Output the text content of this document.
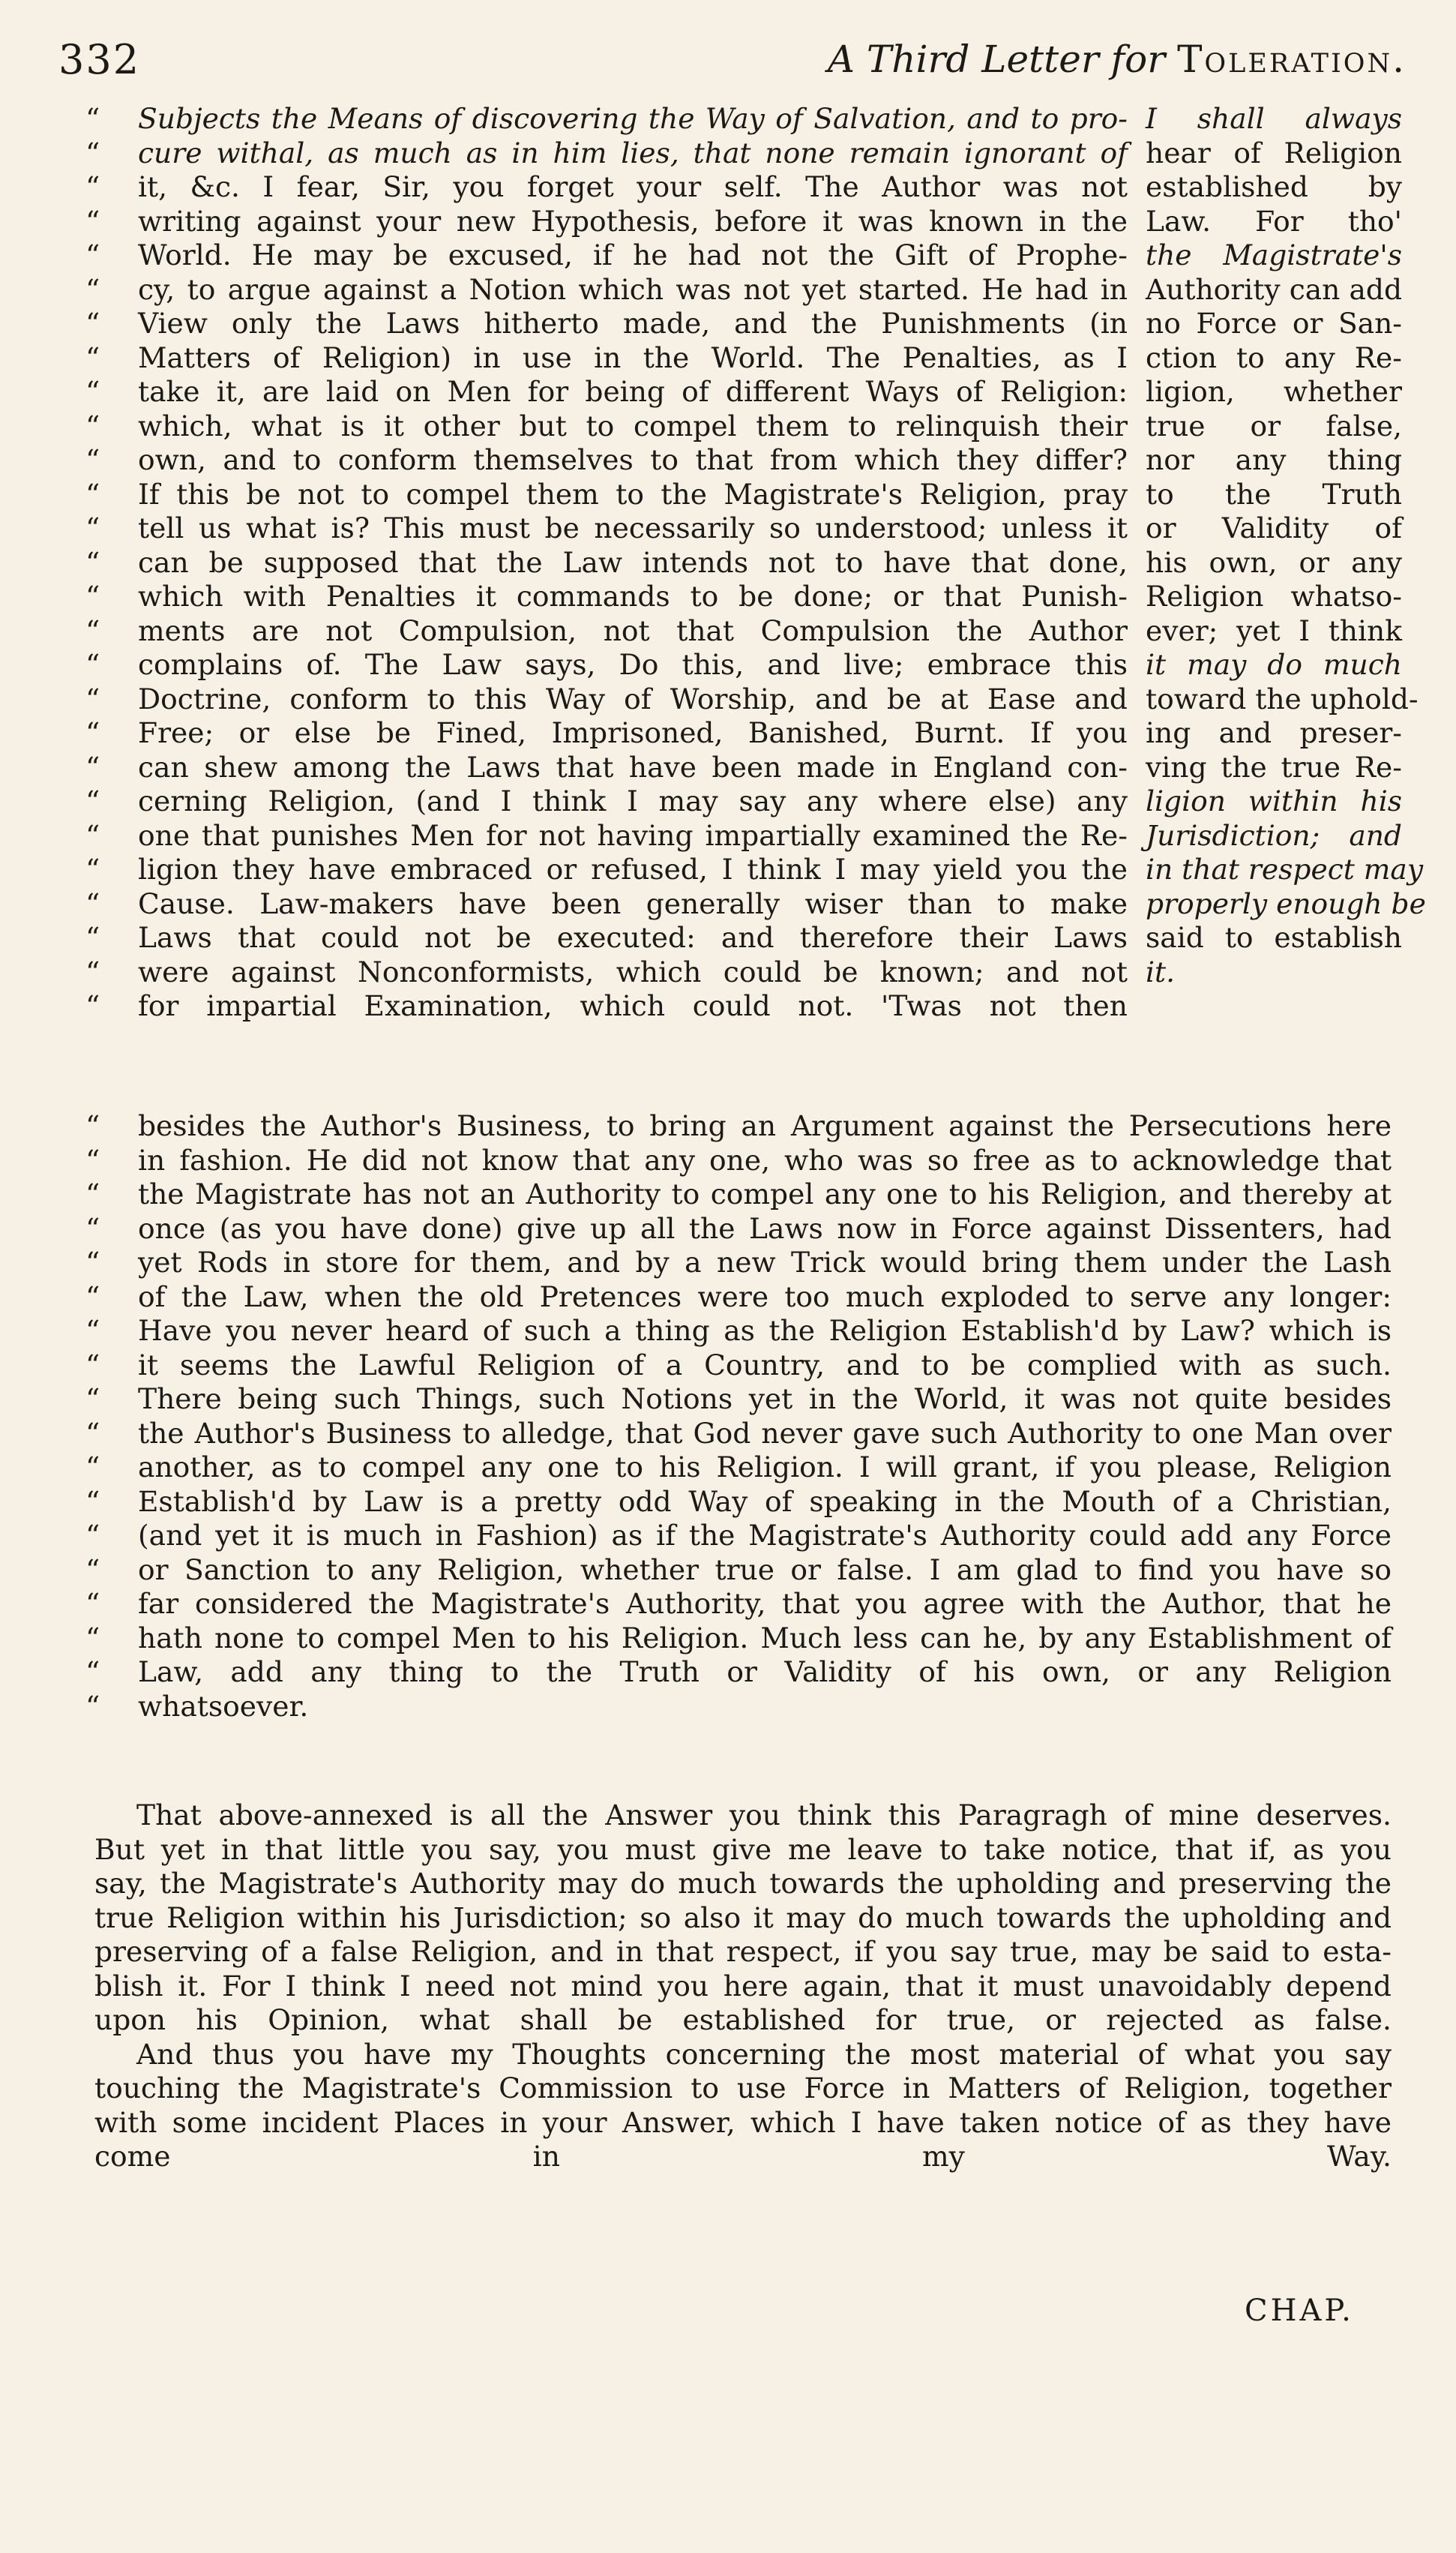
332	A Third Letter for Toleration.
“ Subjects the Means of discovering the Way of Salvation, and to pro-
“ cure withal, as much as in him lies, that none remain ignorant of
“ it, &c. I fear, Sir, you forget your self. The Author was not
“ writing against your new Hypothesis, before it was known in the
“ World. He may be excused, if he had not the Gift of Prophe-
“ cy, to argue against a Notion which was not yet started. He had in
“ View only the Laws hitherto made, and the Punishments (in
“ Matters of Religion) in use in the World. The Penalties, as I
“ take it, are laid on Men for being of different Ways of Religion:
“ which, what is it other but to compel them to relinquish their
“ own, and to conform themselves to that from which they differ?
“ If this be not to compel them to the Magistrate's Religion, pray
“ tell us what is? This must be necessarily so understood; unless it
“ can be supposed that the Law intends not to have that done,
“ which with Penalties it commands to be done; or that Punish-
“ ments are not Compulsion, not that Compulsion the Author
“ complains of. The Law says, Do this, and live; embrace this
“ Doctrine, conform to this Way of Worship, and be at Ease and
“ Free; or else be Fined, Imprisoned, Banished, Burnt. If you
“ can shew among the Laws that have been made in England con-
“ cerning Religion, (and I think I may say any where else) any
“ one that punishes Men for not having impartially examined the Re-
“ ligion they have embraced or refused, I think I may yield you the
“ Cause. Law-makers have been generally wiser than to make
“ Laws that could not be executed: and therefore their Laws
“ were against Nonconformists, which could be known; and not
“ for impartial Examination, which could not. 'Twas not then
I shall always
hear of Religion
established by
Law. For tho'
the Magistrate's
Authority can add
no Force or San-
ction to any Re-
ligion, whether
true or false,
nor any thing
to the Truth
or Validity of
his own, or any
Religion whatso-
ever; yet I think
it may do much
toward the uphold-
ing and preser-
ving the true Re-
ligion within his
Jurisdiction; and
in that respect may
properly enough be
said to establish
it.
“ besides the Author's Business, to bring an Argument against the Persecutions here
“ in fashion. He did not know that any one, who was so free as to acknowledge that
“ the Magistrate has not an Authority to compel any one to his Religion, and thereby at
“ once (as you have done) give up all the Laws now in Force against Dissenters, had
“ yet Rods in store for them, and by a new Trick would bring them under the Lash
“ of the Law, when the old Pretences were too much exploded to serve any longer:
“ Have you never heard of such a thing as the Religion Establish'd by Law? which is
“ it seems the Lawful Religion of a Country, and to be complied with as such.
“ There being such Things, such Notions yet in the World, it was not quite besides
“ the Author's Business to alledge, that God never gave such Authority to one Man over
“ another, as to compel any one to his Religion. I will grant, if you please, Religion
“ Establish'd by Law is a pretty odd Way of speaking in the Mouth of a Christian,
“ (and yet it is much in Fashion) as if the Magistrate's Authority could add any Force
“ or Sanction to any Religion, whether true or false. I am glad to find you have so
“ far considered the Magistrate's Authority, that you agree with the Author, that he
“ hath none to compel Men to his Religion. Much less can he, by any Establishment of
“ Law, add any thing to the Truth or Validity of his own, or any Religion
“ whatsoever.
That above-annexed is all the Answer you think this Paragragh of mine deserves.
But yet in that little you say, you must give me leave to take notice, that if, as you
say, the Magistrate's Authority may do much towards the upholding and preserving the
true Religion within his Jurisdiction; so also it may do much towards the upholding and
preserving of a false Religion, and in that respect, if you say true, may be said to esta-
blish it. For I think I need not mind you here again, that it must unavoidably depend
upon his Opinion, what shall be established for true, or rejected as false.
And thus you have my Thoughts concerning the most material of what you say
touching the Magistrate's Commission to use Force in Matters of Religion, together
with some incident Places in your Answer, which I have taken notice of as they have
come in my Way.
CHAP.
